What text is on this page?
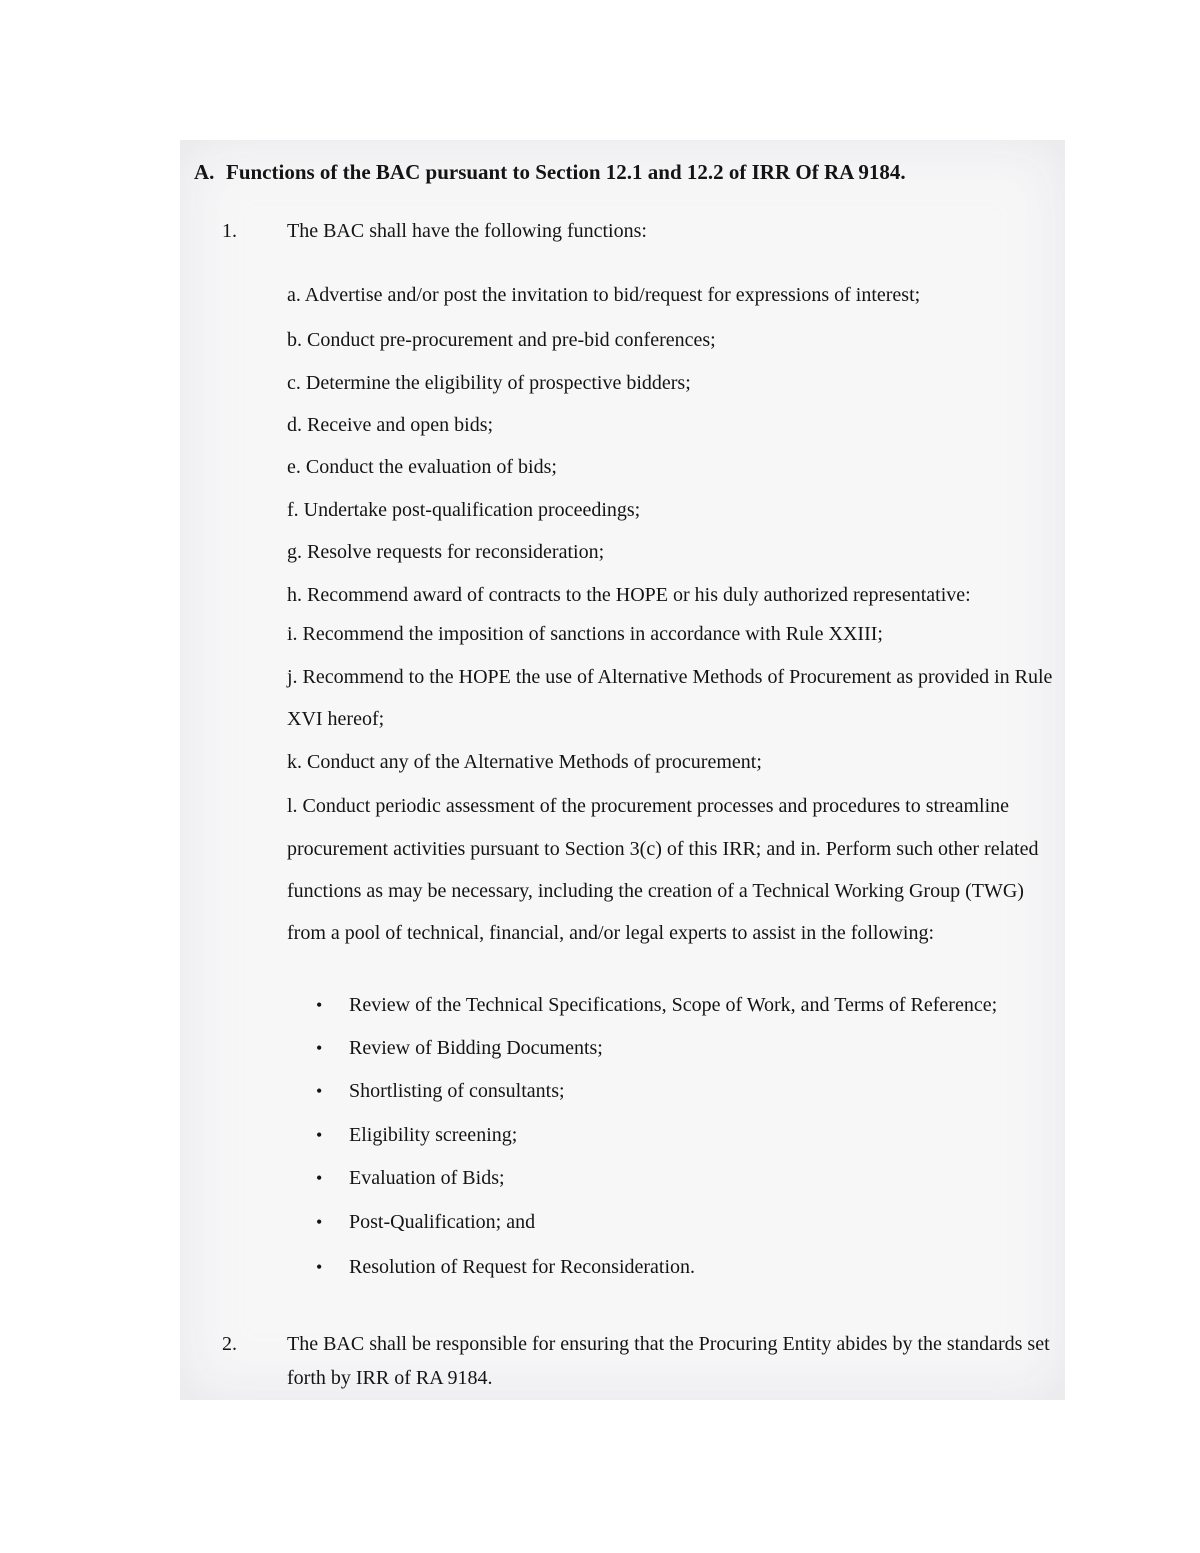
A. Functions of the BAC pursuant to Section 12.1 and 12.2 of IRR Of RA 9184.
1.	The BAC shall have the following functions:
a. Advertise and/or post the invitation to bid/request for expressions of interest;
b. Conduct pre-procurement and pre-bid conferences;
c. Determine the eligibility of prospective bidders;
d. Receive and open bids;
e. Conduct the evaluation of bids;
f. Undertake post-qualification proceedings;
g. Resolve requests for reconsideration;
h. Recommend award of contracts to the HOPE or his duly authorized representative:
i. Recommend the imposition of sanctions in accordance with Rule XXIII;
j. Recommend to the HOPE the use of Alternative Methods of Procurement as provided in Rule
XVI hereof;
k. Conduct any of the Alternative Methods of procurement;
l. Conduct periodic assessment of the procurement processes and procedures to streamline
procurement activities pursuant to Section 3(c) of this IRR; and in. Perform such other related
functions as may be necessary, including the creation of a Technical Working Group (TWG)
from a pool of technical, financial, and/or legal experts to assist in the following:
• Review of the Technical Specifications, Scope of Work, and Terms of Reference;
• Review of Bidding Documents;
• Shortlisting of consultants;
• Eligibility screening;
• Evaluation of Bids;
• Post-Qualification; and
• Resolution of Request for Reconsideration.
2.	The BAC shall be responsible for ensuring that the Procuring Entity abides by the standards set
forth by IRR of RA 9184.
